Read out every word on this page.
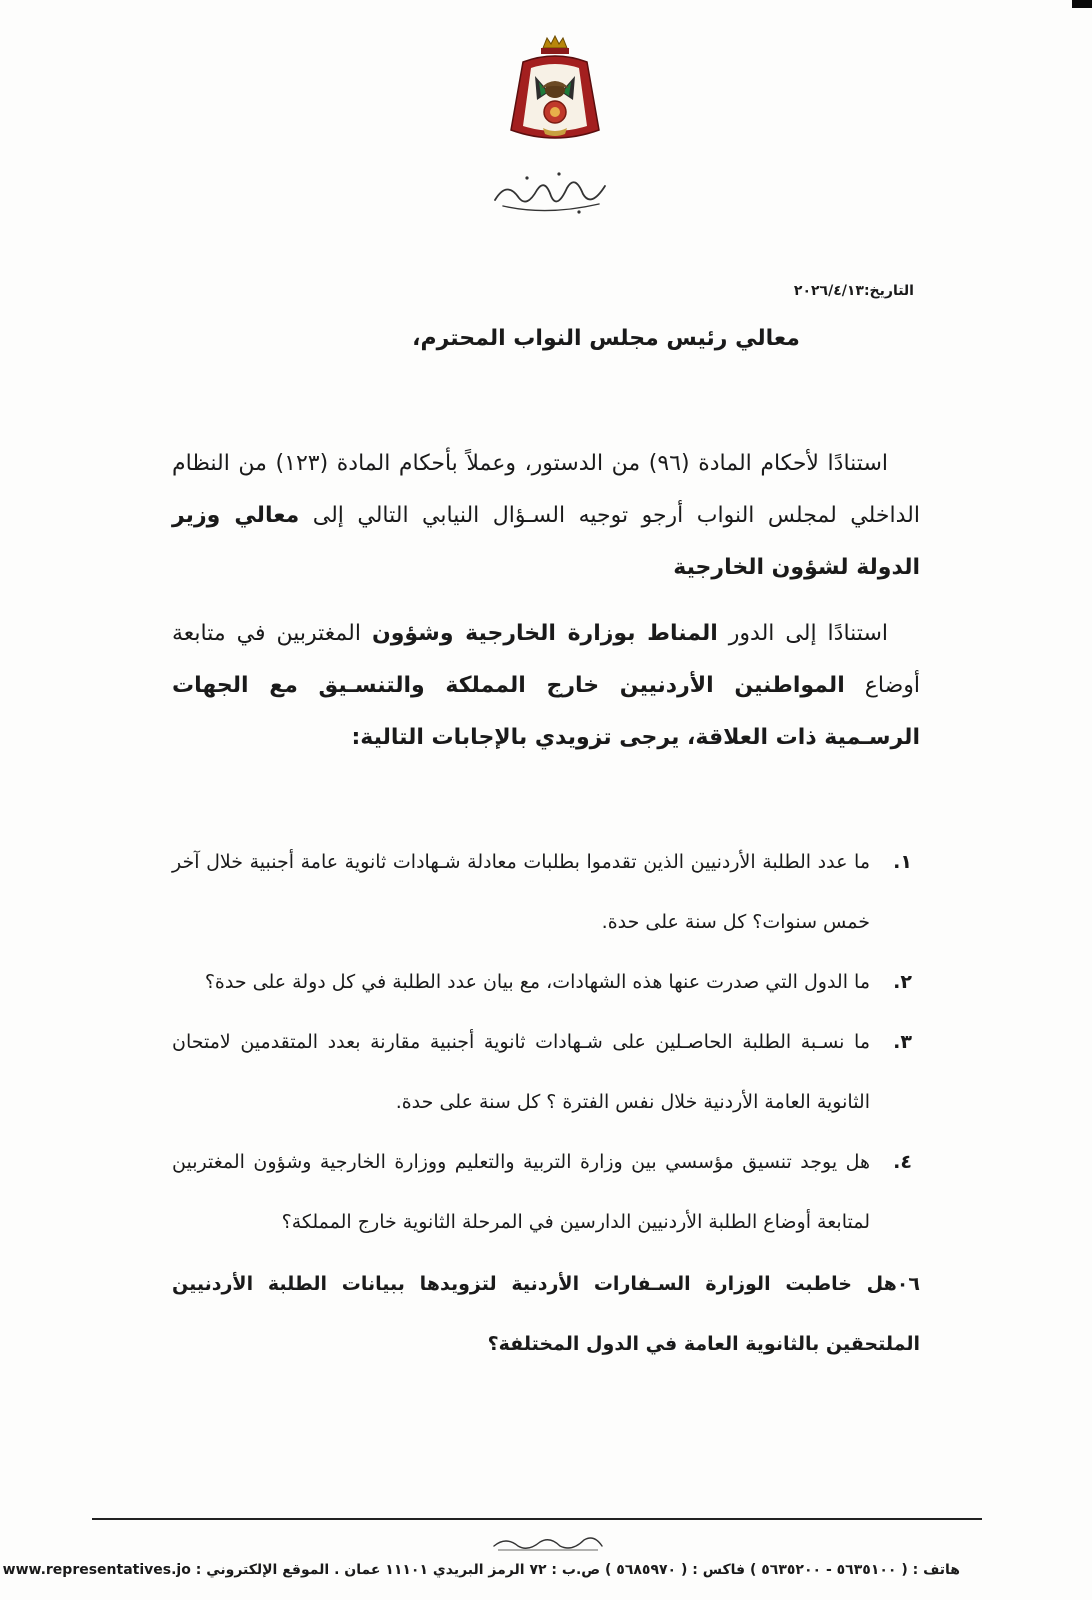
التاريخ:٢٠٢٦/٤/١٣
معالي رئيس مجلس النواب المحترم،
استنادًا لأحكام المادة (٩٦) من الدستور، وعملاً بأحكام المادة (١٢٣) من النظام الداخلي لمجلس النواب أرجو توجيه السـؤال النيابي التالي إلى معالي وزير الدولة لشؤون الخارجية
استنادًا إلى الدور المناط بوزارة الخارجية وشؤون المغتربين في متابعة أوضاع المواطنين الأردنيين خارج المملكة والتنسـيق مع الجهات الرسـمية ذات العلاقة، يرجى تزويدي بالإجابات التالية:
١.
ما عدد الطلبة الأردنيين الذين تقدموا بطلبات معادلة شـهادات ثانوية عامة أجنبية خلال آخر خمس سنوات؟ كل سنة على حدة.
٢.
ما الدول التي صدرت عنها هذه الشهادات، مع بيان عدد الطلبة في كل دولة على حدة؟
٣.
ما نسـبة الطلبة الحاصـلين على شـهادات ثانوية أجنبية مقارنة بعدد المتقدمين لامتحان الثانوية العامة الأردنية خلال نفس الفترة ؟ كل سنة على حدة.
٤.
هل يوجد تنسيق مؤسسي بين وزارة التربية والتعليم ووزارة الخارجية وشؤون المغتربين لمتابعة أوضاع الطلبة الأردنيين الدارسين في المرحلة الثانوية خارج المملكة؟
٠٦هل خاطبت الوزارة السـفارات الأردنية لتزويدها ببيانات الطلبة الأردنيين الملتحقين بالثانوية العامة في الدول المختلفة؟
هاتف : ( ٥٦٣٥١٠٠ - ٥٦٣٥٢٠٠ ) فاكس : ( ٥٦٨٥٩٧٠ ) ص.ب : ٧٢ الرمز البريدي ١١١٠١ عمان . الموقع الإلكتروني : www.representatives.jo
